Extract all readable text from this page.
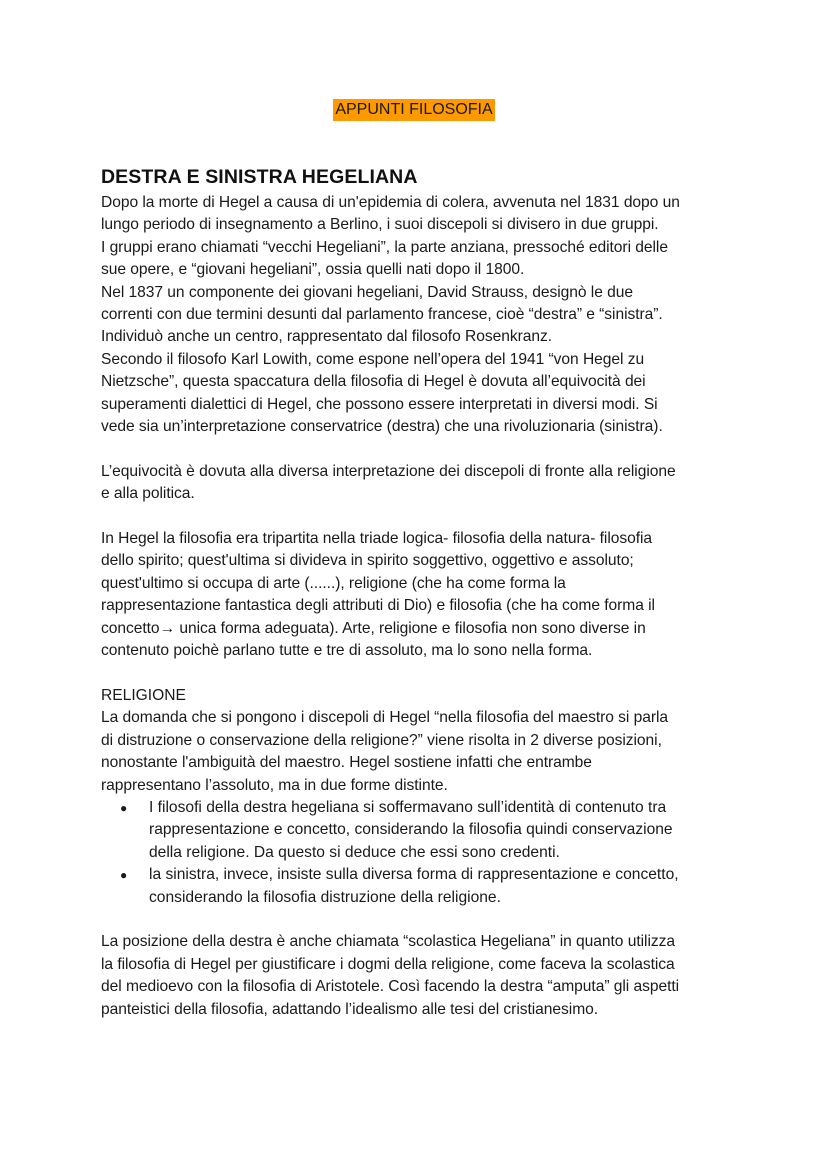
APPUNTI FILOSOFIA
DESTRA E SINISTRA HEGELIANA

Dopo la morte di Hegel a causa di un'epidemia di colera, avvenuta nel 1831 dopo un
lungo periodo di insegnamento a Berlino, i suoi discepoli si divisero in due gruppi.
I gruppi erano chiamati “vecchi Hegeliani”, la parte anziana, pressoché editori delle
sue opere, e “giovani hegeliani”, ossia quelli nati dopo il 1800.
Nel 1837 un componente dei giovani hegeliani, David Strauss, designò le due
correnti con due termini desunti dal parlamento francese, cioè “destra” e “sinistra”.
Individuò anche un centro, rappresentato dal filosofo Rosenkranz.
Secondo il filosofo Karl Lowith, come espone nell’opera del 1941 “von Hegel zu
Nietzsche”, questa spaccatura della filosofia di Hegel è dovuta all’equivocità dei
superamenti dialettici di Hegel, che possono essere interpretati in diversi modi. Si
vede sia un’interpretazione conservatrice (destra) che una rivoluzionaria (sinistra).

L’equivocità è dovuta alla diversa interpretazione dei discepoli di fronte alla religione
e alla politica.

In Hegel la filosofia era tripartita nella triade logica- filosofia della natura- filosofia
dello spirito; quest'ultima si divideva in spirito soggettivo, oggettivo e assoluto;
quest'ultimo si occupa di arte (......), religione (che ha come forma la
rappresentazione fantastica degli attributi di Dio) e filosofia (che ha come forma il
concetto→ unica forma adeguata). Arte, religione e filosofia non sono diverse in
contenuto poichè parlano tutte e tre di assoluto, ma lo sono nella forma.

RELIGIONE

La domanda che si pongono i discepoli di Hegel “nella filosofia del maestro si parla
di distruzione o conservazione della religione?” viene risolta in 2 diverse posizioni,
nonostante l'ambiguità del maestro. Hegel sostiene infatti che entrambe
rappresentano l’assoluto, ma in due forme distinte.

● I filosofi della destra hegeliana si soffermavano sull’identità di contenuto tra
rappresentazione e concetto, considerando la filosofia quindi conservazione
della religione. Da questo si deduce che essi sono credenti.
● la sinistra, invece, insiste sulla diversa forma di rappresentazione e concetto,
considerando la filosofia distruzione della religione.

La posizione della destra è anche chiamata “scolastica Hegeliana” in quanto utilizza
la filosofia di Hegel per giustificare i dogmi della religione, come faceva la scolastica
del medioevo con la filosofia di Aristotele. Così facendo la destra “amputa” gli aspetti
panteistici della filosofia, adattando l’idealismo alle tesi del cristianesimo.
